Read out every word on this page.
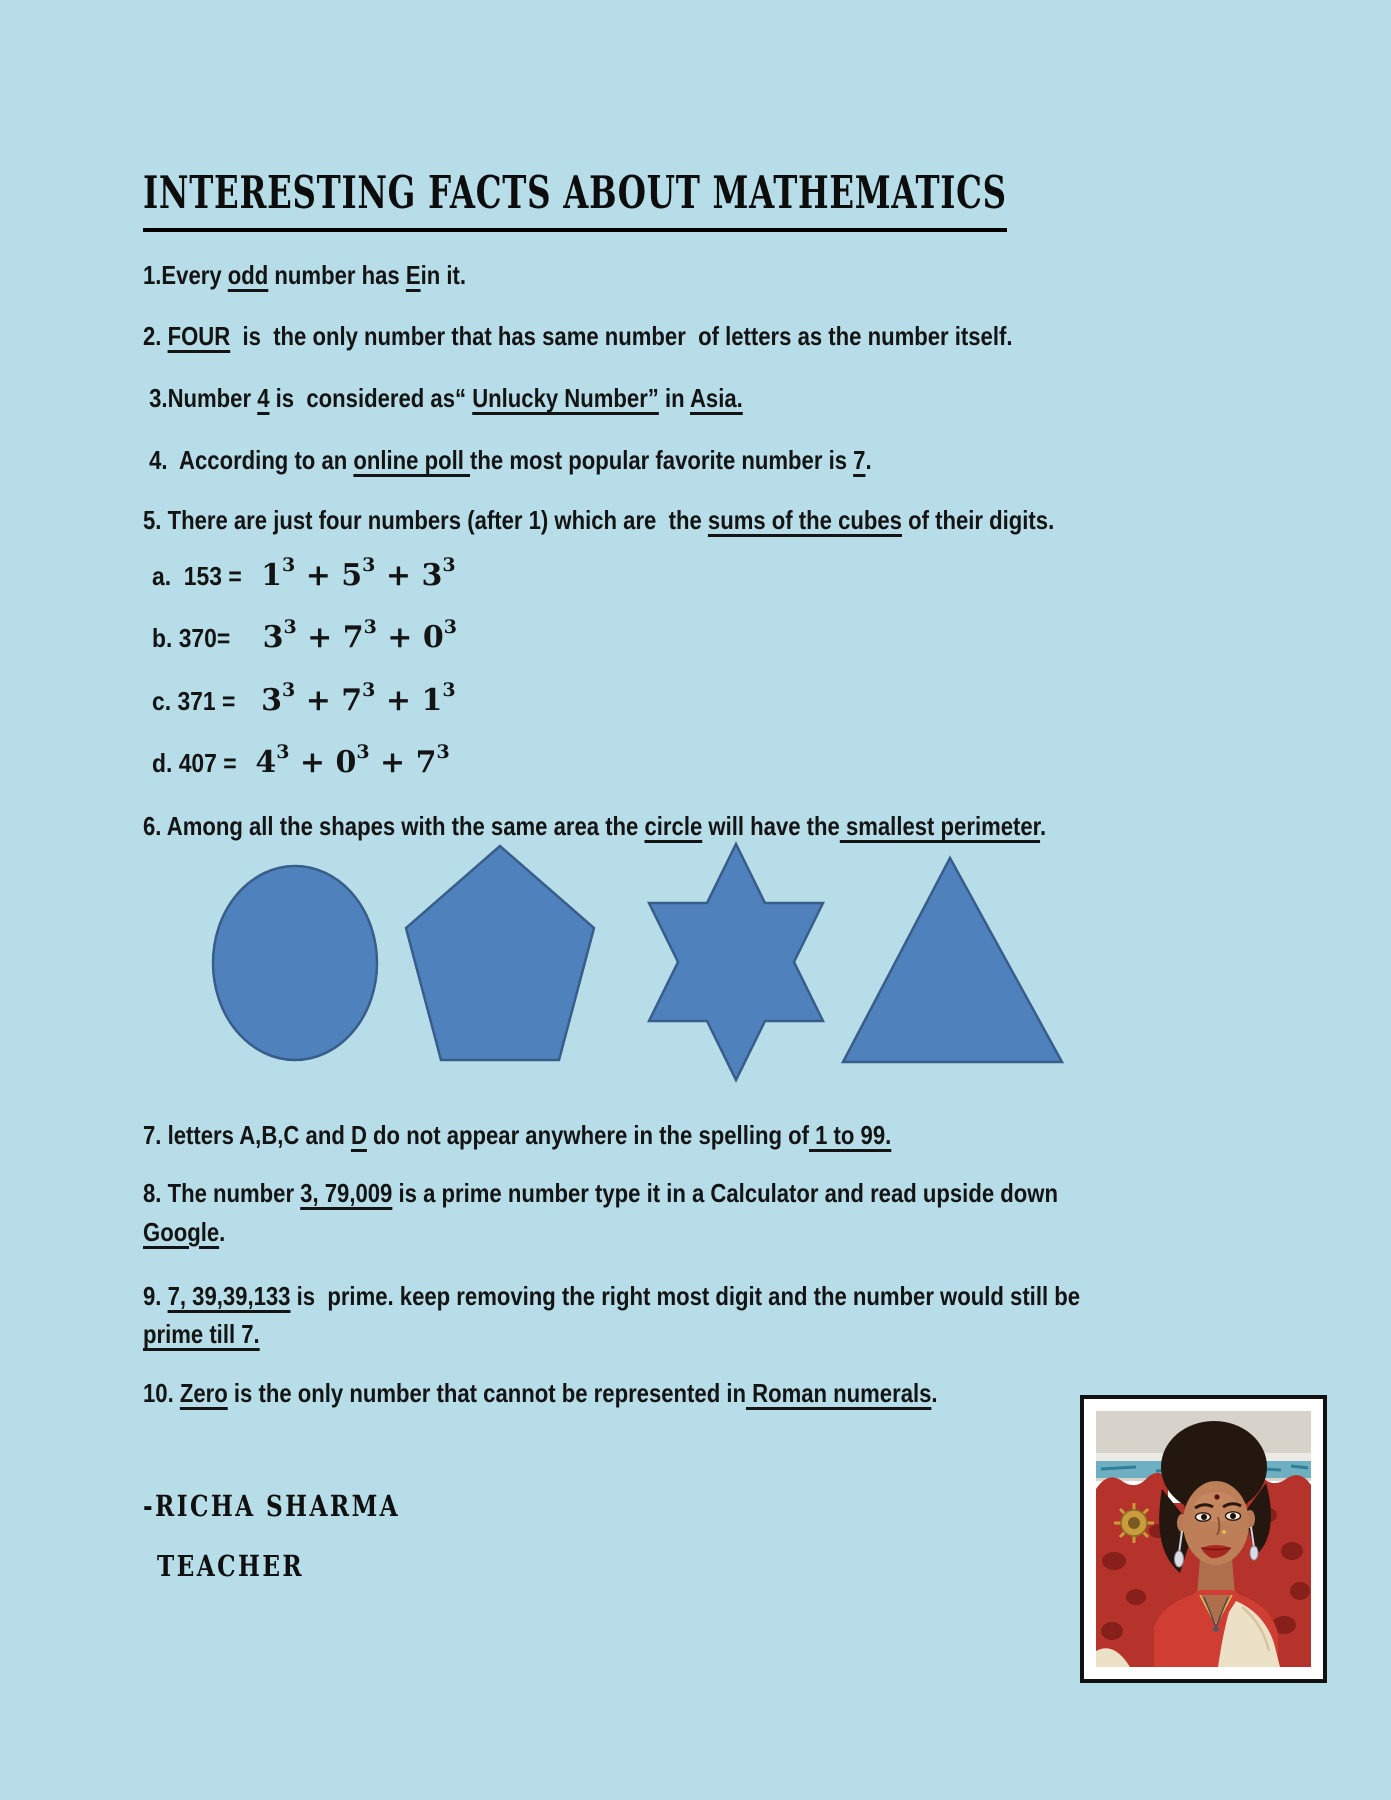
INTERESTING FACTS ABOUT MATHEMATICS
1.Every odd number has Ein it.
2. FOUR  is  the only number that has same number  of letters as the number itself.
3.Number 4 is  considered as“ Unlucky Number” in Asia.
4.  According to an online poll the most popular favorite number is 7.
5. There are just four numbers (after 1) which are  the sums of the cubes of their digits.
a.  $153 = 1^3 + 5^3 + 3^3$
b. $370= 3^3 + 7^3 + 0^3$
c. $371 = 3^3 + 7^3 + 1^3$
d. $407 = 4^3 + 0^3 + 7^3$
6. Among all the shapes with the same area the circle will have the smallest perimeter.
7. letters A,B,C and D do not appear anywhere in the spelling of 1 to 99.
8. The number 3, 79,009 is a prime number type it in a Calculator and read upside down
Google.
9. 7, 39,39,133 is  prime. keep removing the right most digit and the number would still be
prime till 7.
10. Zero is the only number that cannot be represented in Roman numerals.
-RICHA SHARMA
TEACHER
